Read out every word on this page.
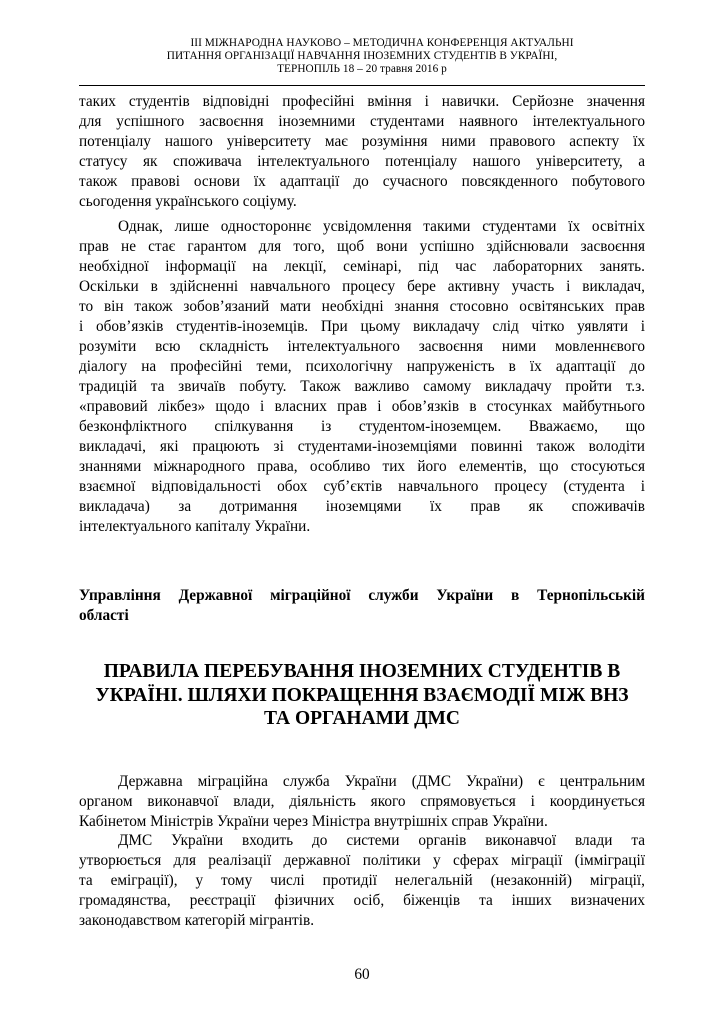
ІІІ МІЖНАРОДНА НАУКОВО – МЕТОДИЧНА КОНФЕРЕНЦІЯ АКТУАЛЬНІ
ПИТАННЯ ОРГАНІЗАЦІЇ НАВЧАННЯ ІНОЗЕМНИХ СТУДЕНТІВ В УКРАЇНІ,
ТЕРНОПІЛЬ 18 – 20 травня 2016 р
таких студентів відповідні професійні вміння і навички. Серйозне значення
для успішного засвоєння іноземними студентами наявного інтелектуального
потенціалу нашого університету має розуміння ними правового аспекту їх
статусу як споживача інтелектуального потенціалу нашого університету, а
також правові основи їх адаптації до сучасного повсякденного побутового
сьогодення українського соціуму.
Однак, лише одностороннє усвідомлення такими студентами їх освітніх
прав не стає гарантом для того, щоб вони успішно здійснювали засвоєння
необхідної інформації на лекції, семінарі, під час лабораторних занять.
Оскільки в здійсненні навчального процесу бере активну участь і викладач,
то він також зобов’язаний мати необхідні знання стосовно освітянських прав
і обов’язків студентів-іноземців. При цьому викладачу слід чітко уявляти і
розуміти всю складність інтелектуального засвоєння ними мовленнєвого
діалогу на професійні теми, психологічну напруженість в їх адаптації до
традицій та звичаїв побуту. Також важливо самому викладачу пройти т.з.
«правовий лікбез» щодо і власних прав і обов’язків в стосунках майбутнього
безконфліктного спілкування із студентом-іноземцем. Вважаємо, що
викладачі, які працюють зі студентами-іноземціями повинні також володіти
знаннями міжнародного права, особливо тих його елементів, що стосуються
взаємної відповідальності обох суб’єктів навчального процесу (студента і
викладача) за дотримання іноземцями їх прав як споживачів
інтелектуального капіталу України.
Управління Державної міграційної служби України в Тернопільській
області
ПРАВИЛА ПЕРЕБУВАННЯ ІНОЗЕМНИХ СТУДЕНТІВ В
УКРАЇНІ. ШЛЯХИ ПОКРАЩЕННЯ ВЗАЄМОДІЇ МІЖ ВНЗ
ТА ОРГАНАМИ ДМС
Державна міграційна служба України (ДМС України) є центральним
органом виконавчої влади, діяльність якого спрямовується і координується
Кабінетом Міністрів України через Міністра внутрішніх справ України.
ДМС України входить до системи органів виконавчої влади та
утворюється для реалізації державної політики у сферах міграції (імміграції
та еміграції), у тому числі протидії нелегальній (незаконній) міграції,
громадянства, реєстрації фізичних осіб, біженців та інших визначених
законодавством категорій мігрантів.
60
